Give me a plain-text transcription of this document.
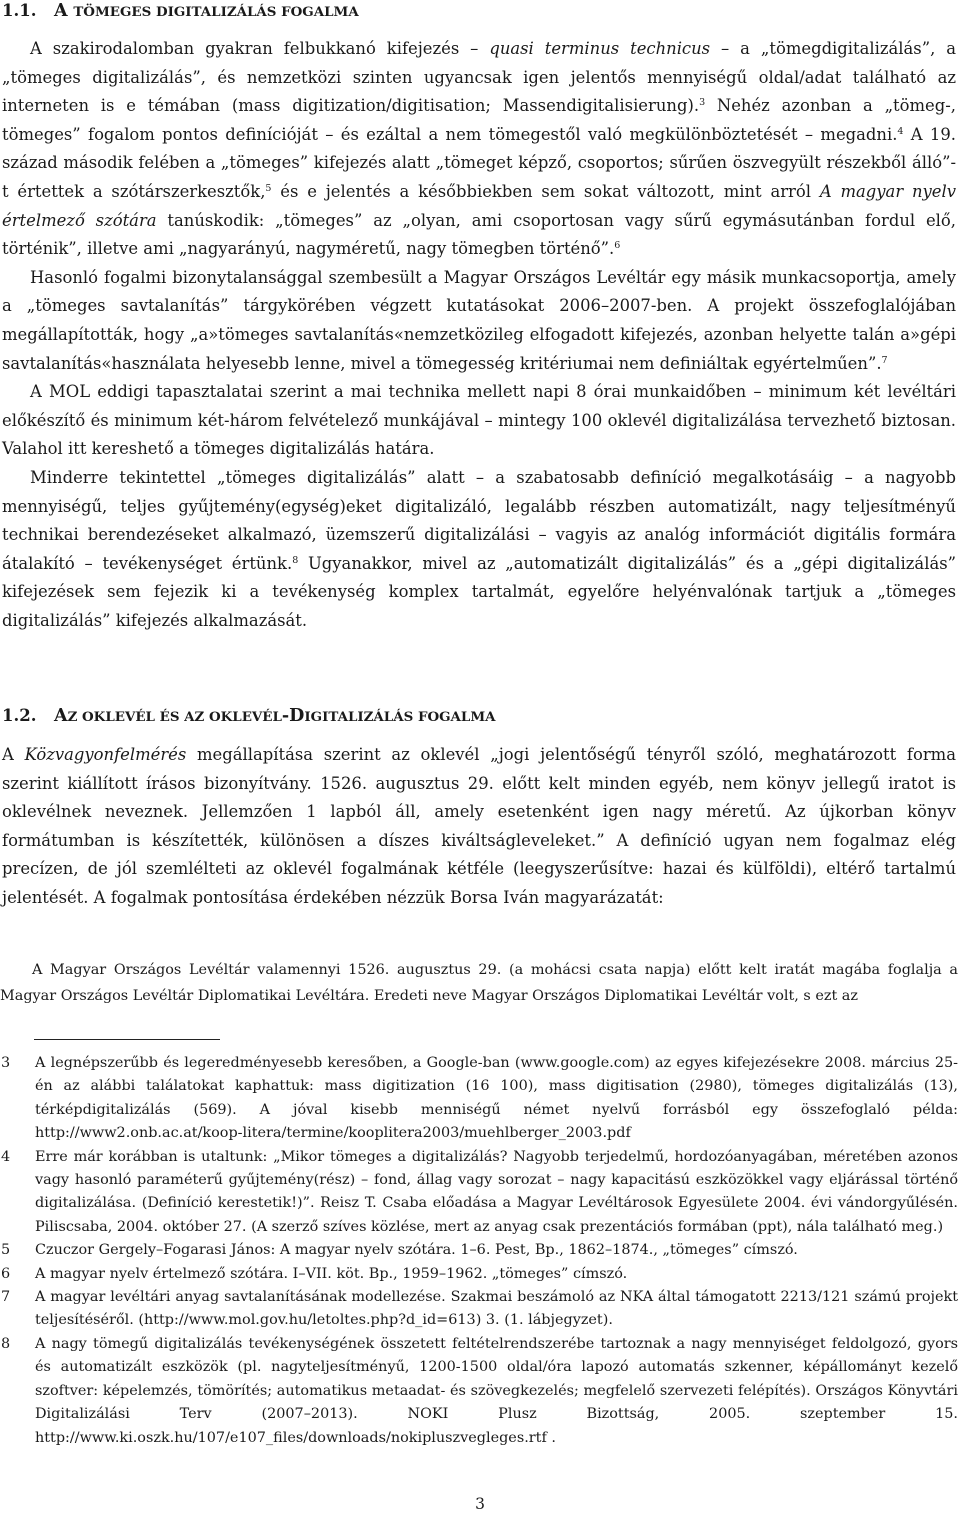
1.1. A TÖMEGES DIGITALIZÁLÁS FOGALMA

A szakirodalomban gyakran felbukkanó kifejezés – quasi terminus technicus – a „tömegdigitalizálás”, a „tömeges digitalizálás”, és nemzetközi szinten ugyancsak igen jelentős mennyiségű oldal/adat található az interneten is e témában (mass digitization/digitisation; Massendigitalisierung).$^3$ Nehéz azonban a „tömeg-, tömeges” fogalom pontos definícióját – és ezáltal a nem tömegestől való megkülönböztetését – megadni.$^4$ A 19. század második felében a „tömeges” kifejezés alatt „tömeget képző, csoportos; sűrűen öszvegyült részekből álló”-t értettek a szótárszerkesztők,$^5$ és e jelentés a későbbiekben sem sokat változott, mint arról A magyar nyelv értelmező szótára tanúskodik: „tömeges” az „olyan, ami csoportosan vagy sűrű egymásutánban fordul elő, történik”, illetve ami „nagyarányú, nagyméretű, nagy tömegben történő”.$^6$

Hasonló fogalmi bizonytalansággal szembesült a Magyar Országos Levéltár egy másik munkacsoportja, amely a „tömeges savtalanítás” tárgykörében végzett kutatásokat 2006–2007-ben. A projekt összefoglalójában megállapították, hogy „a»tömeges savtalanítás«nemzetközileg elfogadott kifejezés, azonban helyette talán a»gépi savtalanítás«használata helyesebb lenne, mivel a tömegesség kritériumai nem definiáltak egyértelműen”.$^7$

A MOL eddigi tapasztalatai szerint a mai technika mellett napi 8 órai munkaidőben – minimum két levéltári előkészítő és minimum két-három felvételező munkájával – mintegy 100 oklevél digitalizálása tervezhető biztosan. Valahol itt kereshető a tömeges digitalizálás határa.

Minderre tekintettel „tömeges digitalizálás” alatt – a szabatosabb definíció megalkotásáig – a nagyobb mennyiségű, teljes gyűjtemény(egység)eket digitalizáló, legalább részben automatizált, nagy teljesítményű technikai berendezéseket alkalmazó, üzemszerű digitalizálási – vagyis az analóg információt digitális formára átalakító – tevékenységet értünk.$^8$ Ugyanakkor, mivel az „automatizált digitalizálás” és a „gépi digitalizálás” kifejezések sem fejezik ki a tevékenység komplex tartalmát, egyelőre helyénvalónak tartjuk a „tömeges digitalizálás” kifejezés alkalmazását.

1.2. AZ OKLEVÉL ÉS AZ OKLEVÉL-DIGITALIZÁLÁS FOGALMA

A Közvagyonfelmérés megállapítása szerint az oklevél „jogi jelentőségű tényről szóló, meghatározott forma szerint kiállított írásos bizonyítvány. 1526. augusztus 29. előtt kelt minden egyéb, nem könyv jellegű iratot is oklevélnek neveznek. Jellemzően 1 lapból áll, amely esetenként igen nagy méretű. Az újkorban könyv formátumban is készítették, különösen a díszes kiváltságleveleket.” A definíció ugyan nem fogalmaz elég precízen, de jól szemlélteti az oklevél fogalmának kétféle (leegyszerűsítve: hazai és külföldi), eltérő tartalmú jelentését. A fogalmak pontosítása érdekében nézzük Borsa Iván magyarázatát:

A Magyar Országos Levéltár valamennyi 1526. augusztus 29. (a mohácsi csata napja) előtt kelt iratát magába foglalja a Magyar Országos Levéltár Diplomatikai Levéltára. Eredeti neve Magyar Országos Diplomatikai Levéltár volt, s ezt az

3	A legnépszerűbb és legeredményesebb keresőben, a Google-ban (www.google.com) az egyes kifejezésekre 2008. március 25-én az alábbi találatokat kaphattuk: mass digitization (16 100), mass digitisation (2980), tömeges digitalizálás (13), térképdigitalizálás (569). A jóval kisebb menniségű német nyelvű forrásból egy összefoglaló példa: http://www2.onb.ac.at/koop-litera/termine/kooplitera2003/muehlberger_2003.pdf
4	Erre már korábban is utaltunk: „Mikor tömeges a digitalizálás? Nagyobb terjedelmű, hordozóanyagában, méretében azonos vagy hasonló paraméterű gyűjtemény(rész) – fond, állag vagy sorozat – nagy kapacitású eszközökkel vagy eljárással történő digitalizálása. (Definíció kerestetik!)”. Reisz T. Csaba előadása a Magyar Levéltárosok Egyesülete 2004. évi vándorgyűlésén. Piliscsaba, 2004. október 27. (A szerző szíves közlése, mert az anyag csak prezentációs formában (ppt), nála található meg.)
5	Czuczor Gergely–Fogarasi János: A magyar nyelv szótára. 1–6. Pest, Bp., 1862–1874., „tömeges” címszó.
6	A magyar nyelv értelmező szótára. I–VII. köt. Bp., 1959–1962. „tömeges” címszó.
7	A magyar levéltári anyag savtalanításának modellezése. Szakmai beszámoló az NKA által támogatott 2213/121 számú projekt teljesítéséről. (http://www.mol.gov.hu/letoltes.php?d_id=613) 3. (1. lábjegyzet).
8	A nagy tömegű digitalizálás tevékenységének összetett feltételrendszerébe tartoznak a nagy mennyiséget feldolgozó, gyors és automatizált eszközök (pl. nagyteljesítményű, 1200-1500 oldal/óra lapozó automatás szkenner, képállományt kezelő szoftver: képelemzés, tömörítés; automatikus metaadat- és szövegkezelés; megfelelő szervezeti felépítés). Országos Könyvtári Digitalizálási Terv (2007–2013). NOKI Plusz Bizottság, 2005. szeptember 15. http://www.ki.oszk.hu/107/e107_files/downloads/nokipluszvegleges.rtf .
3
